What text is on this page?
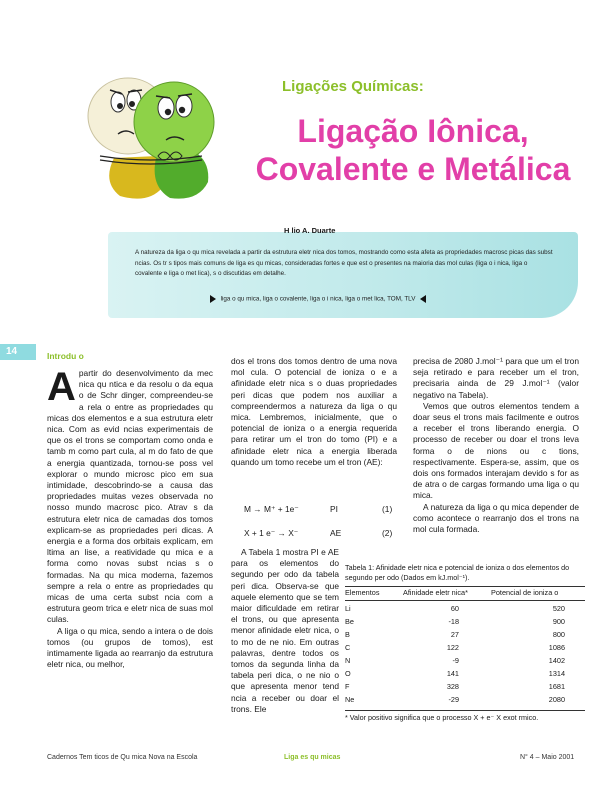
Ligações Químicas:
Ligação Iônica,
Covalente e Metálica
H lio A. Duarte
A natureza da liga o qu mica revelada a partir da estrutura eletr nica dos tomos, mostrando como esta afeta as propriedades macrosc picas das subst ncias. Os tr s tipos mais comuns de liga es qu micas, consideradas fortes e que est o presentes na maioria das mol culas (liga o i nica, liga o covalente e liga o met lica), s o discutidas em detalhe.
liga o qu mica, liga o covalente, liga o i nica, liga o met lica, TOM, TLV
14	Introdu o
A partir do desenvolvimento da mec nica qu ntica e da resolu o da equa o de Schr dinger, compreendeu-se a rela o entre as propriedades qu micas dos elementos e a sua estrutura eletr nica. Com as evid ncias experimentais de que os el trons se comportam como onda e tamb m como part cula, al m do fato de que a energia quantizada, tornou-se poss vel explorar o mundo microsc pico em sua intimidade, descobrindo-se a causa das propriedades muitas vezes observada no nosso mundo macrosc pico. Atrav s da estrutura eletr nica de camadas dos tomos explicam-se as propriedades peri dicas. A energia e a forma dos orbitais explicam, em ltima an lise, a reatividade qu mica e a forma como novas subst ncias s o formadas. Na qu mica moderna, fazemos sempre a rela o entre as propriedades qu micas de uma certa subst ncia com a estrutura geom trica e eletr nica de suas mol culas.

A liga o qu mica, sendo a intera o de dois tomos (ou grupos de tomos), est intimamente ligada ao rearranjo da estrutura eletr nica, ou melhor,

dos el trons dos tomos dentro de uma nova mol cula. O potencial de ioniza o e a afinidade eletr nica s o duas propriedades peri dicas que podem nos auxiliar a compreendermos a natureza da liga o qu mica. Lembremos, inicialmente, que o potencial de ioniza o a energia requerida para retirar um el tron do tomo (PI) e a afinidade eletr nica a energia liberada quando um tomo recebe um el tron (AE):

M → M⁺ + 1e⁻	PI	(1)
X + 1 e⁻ → X⁻	AE	(2)

A Tabela 1 mostra PI e AE para os elementos do segundo per odo da tabela peri dica. Observa-se que aquele elemento que se tem maior dificuldade em retirar el trons, ou que apresenta menor afinidade eletr nica, o to mo de ne nio. Em outras palavras, dentre todos os tomos da segunda linha da tabela peri dica, o ne nio o que apresenta menor tend ncia a receber ou doar el trons. Ele

precisa de 2080 J.mol⁻¹ para que um el tron seja retirado e para receber um el tron, precisaria ainda de 29 J.mol⁻¹ (valor negativo na Tabela).

Vemos que outros elementos tendem a doar seus el trons mais facilmente e outros a receber el trons liberando energia. O processo de receber ou doar el trons leva forma o de nions ou c tions, respectivamente. Espera-se, assim, que os dois ons formados interajam devido s for as de atra o de cargas formando uma liga o qu mica.

A natureza da liga o qu mica depender de como acontece o rearranjo dos el trons na mol cula formada.

Tabela 1: Afinidade eletr nica e potencial de ioniza o dos elementos do segundo per odo (Dados em kJ.mol⁻¹).
Elementos	Afinidade eletr nica*	Potencial de ioniza o
Li	60	520
Be	-18	900
B	27	800
C	122	1086
N	-9	1402
O	141	1314
F	328	1681
Ne	-29	2080
* Valor positivo significa que o processo X + e⁻ X exot rmico.
Cadernos Tem ticos de Qu mica Nova na Escola	Liga es qu micas	N° 4 – Maio 2001
